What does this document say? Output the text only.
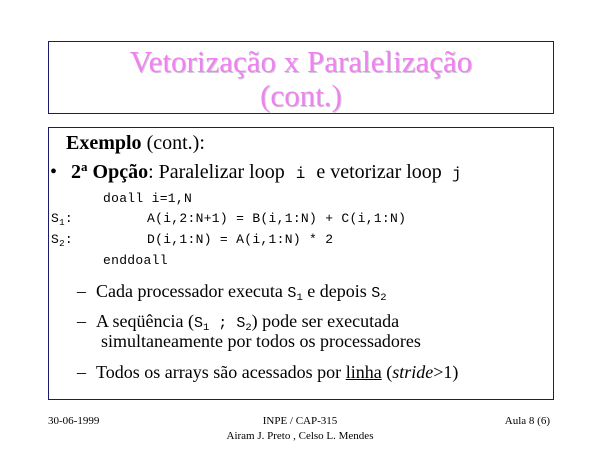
Vetorização x Paralelização
(cont.)
Exemplo (cont.):
• 2$^a$ Opção: Paralelizar loop i e vetorizar loop j
doall i=1,N
$S_1$:	A(i,2:N+1) = B(i,1:N) + C(i,1:N)
$S_2$:	D(i,1:N) = A(i,1:N) * 2
enddoall
– Cada processador executa $S_1$ e depois $S_2$
– A seqüência ($S_1$ ; $S_2$) pode ser executada
simultaneamente por todos os processadores
– Todos os arrays são acessados por linha (stride>1)
30-06-1999	INPE / CAP-315
Airam J. Preto , Celso L. Mendes
Aula 8 (6)
